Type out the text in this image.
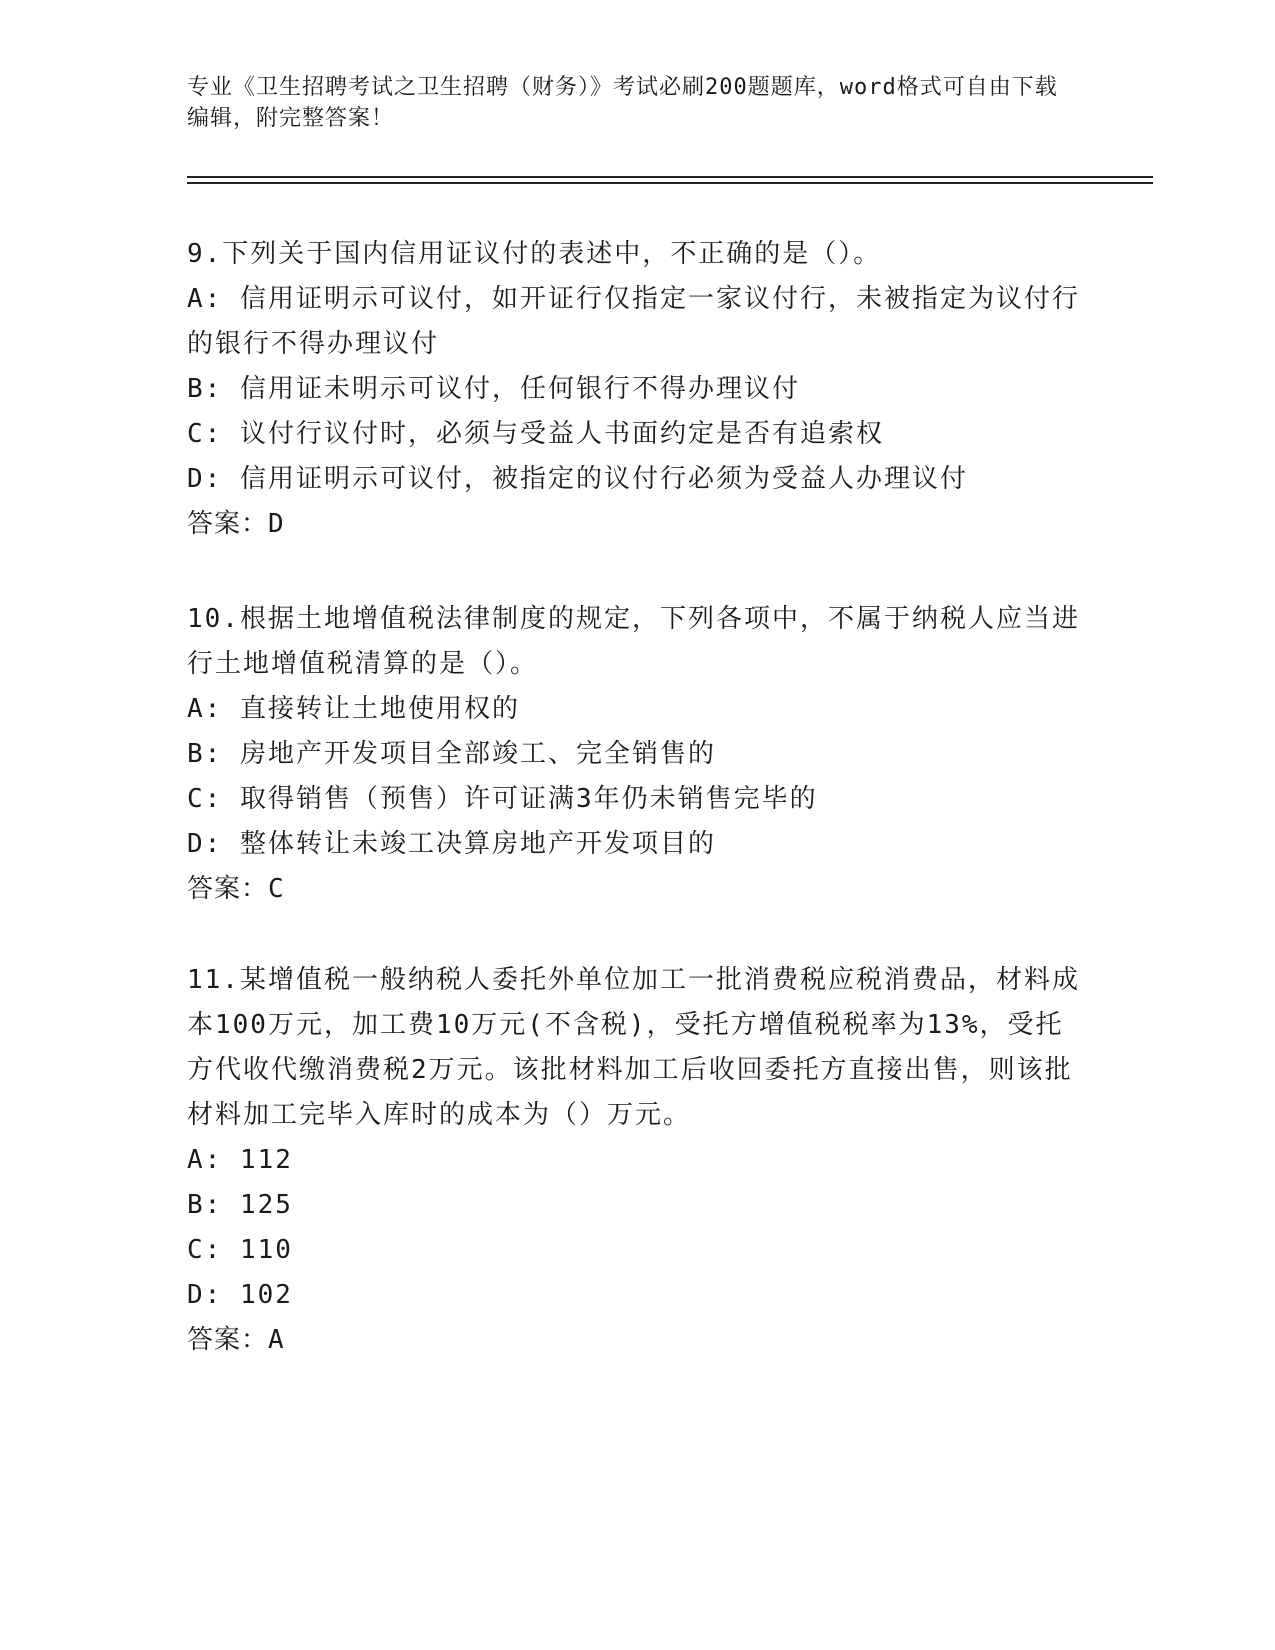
专业《卫生招聘考试之卫生招聘（财务）》考试必刷200题题库，word格式可自由下载编辑，附完整答案！

9.下列关于国内信用证议付的表述中，不正确的是（）。

A: 信用证明示可议付，如开证行仅指定一家议付行，未被指定为议付行的银行不得办理议付

B: 信用证未明示可议付，任何银行不得办理议付

C: 议付行议付时，必须与受益人书面约定是否有追索权

D: 信用证明示可议付，被指定的议付行必须为受益人办理议付

答案：D

10.根据土地增值税法律制度的规定，下列各项中，不属于纳税人应当进行土地增值税清算的是（）。

A: 直接转让土地使用权的

B: 房地产开发项目全部竣工、完全销售的

C: 取得销售（预售）许可证满3年仍未销售完毕的

D: 整体转让未竣工决算房地产开发项目的

答案：C

11.某增值税一般纳税人委托外单位加工一批消费税应税消费品，材料成本100万元，加工费10万元(不含税)，受托方增值税税率为13%，受托方代收代缴消费税2万元。该批材料加工后收回委托方直接出售，则该批材料加工完毕入库时的成本为（）万元。

A: 112

B: 125

C: 110

D: 102

答案：A
